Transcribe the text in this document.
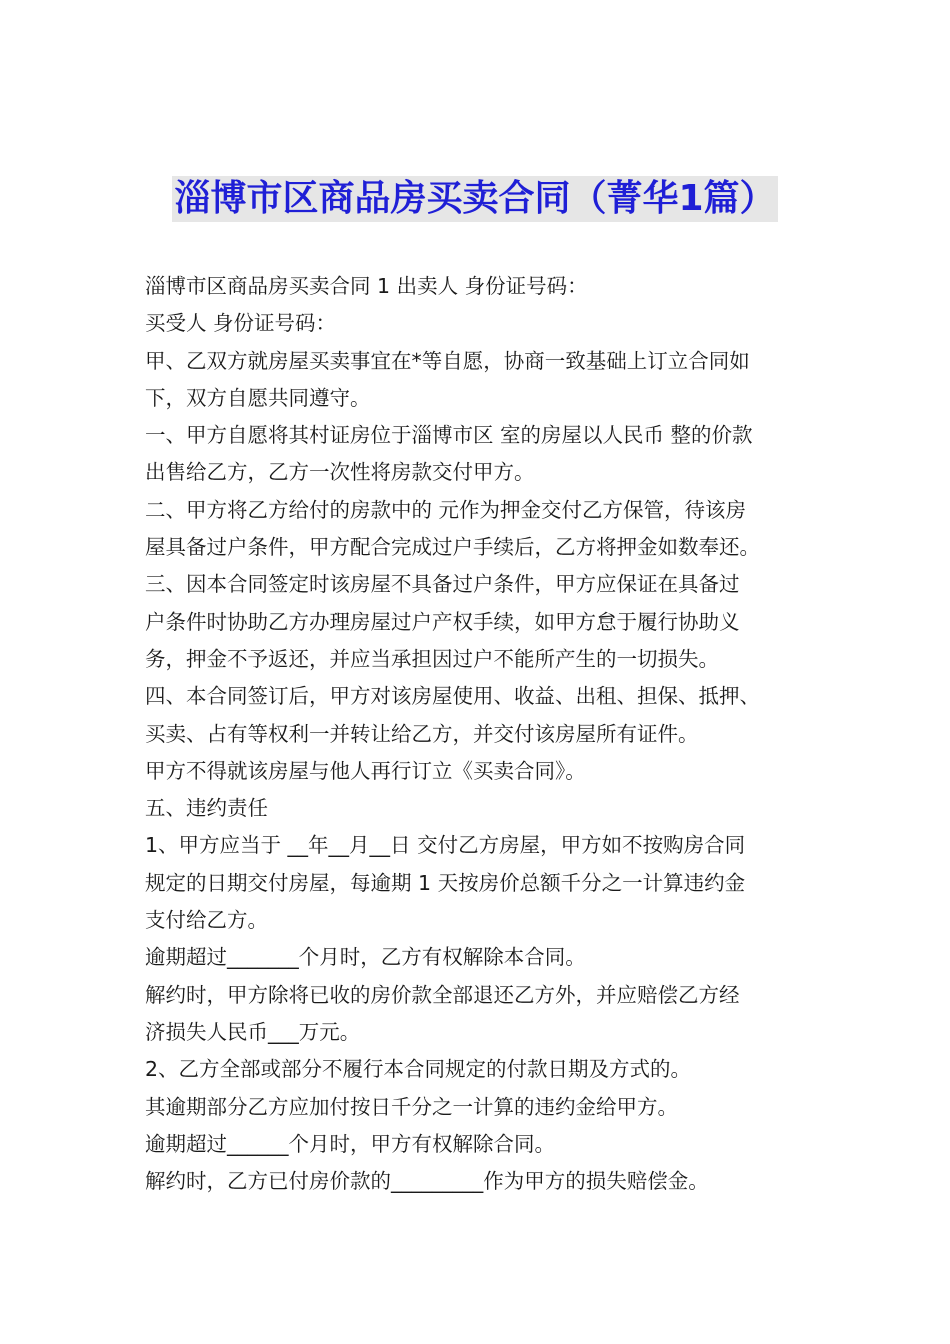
淄博市区商品房买卖合同（菁华1篇）
淄博市区商品房买卖合同 1 出卖人 身份证号码：
买受人 身份证号码：
甲、乙双方就房屋买卖事宜在*等自愿，协商一致基础上订立合同如
下，双方自愿共同遵守。
一、甲方自愿将其村证房位于淄博市区 室的房屋以人民币 整的价款
出售给乙方，乙方一次性将房款交付甲方。
二、甲方将乙方给付的房款中的 元作为押金交付乙方保管，待该房
屋具备过户条件，甲方配合完成过户手续后，乙方将押金如数奉还。
三、因本合同签定时该房屋不具备过户条件，甲方应保证在具备过
户条件时协助乙方办理房屋过户产权手续，如甲方怠于履行协助义
务，押金不予返还，并应当承担因过户不能所产生的一切损失。
四、本合同签订后，甲方对该房屋使用、收益、出租、担保、抵押、
买卖、占有等权利一并转让给乙方，并交付该房屋所有证件。
甲方不得就该房屋与他人再行订立《买卖合同》。
五、违约责任
1、甲方应当于 __年__月__日 交付乙方房屋，甲方如不按购房合同
规定的日期交付房屋，每逾期 1 天按房价总额千分之一计算违约金
支付给乙方。
逾期超过_______个月时，乙方有权解除本合同。
解约时，甲方除将已收的房价款全部退还乙方外，并应赔偿乙方经
济损失人民币___万元。
2、乙方全部或部分不履行本合同规定的付款日期及方式的。
其逾期部分乙方应加付按日千分之一计算的违约金给甲方。
逾期超过______个月时，甲方有权解除合同。
解约时，乙方已付房价款的_________作为甲方的损失赔偿金。
